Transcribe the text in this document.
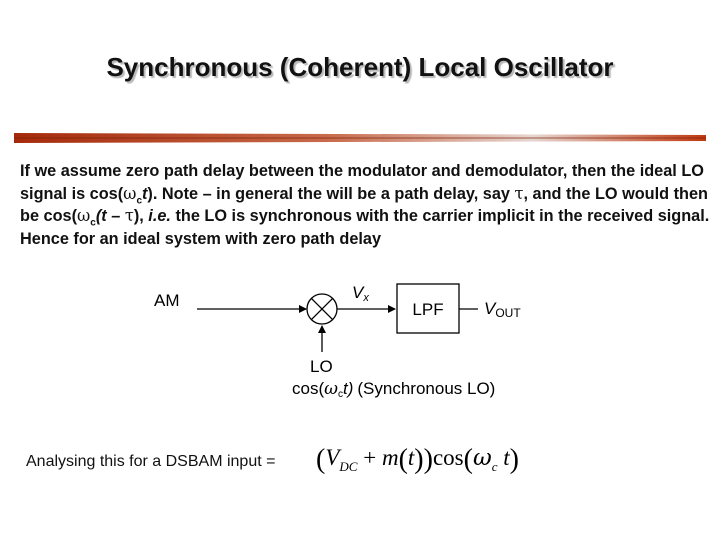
Synchronous (Coherent) Local Oscillator
If we assume zero path delay between the modulator and demodulator, then the ideal LO signal is $\cos(\omega_ct)$. Note – in general the will be a path delay, say τ, and the LO would then be $\cos(\omega_c(t - \tau)$, i.e. the LO is synchronous with the carrier implicit in the received signal. Hence for an ideal system with zero path delay
AM	Vx
LPF VOUT
LO
cos(ωct) (Synchronous LO)
Analysing this for a DSBAM input = $(V_{DC} + m(t))\cos(\omega_c$ t)
